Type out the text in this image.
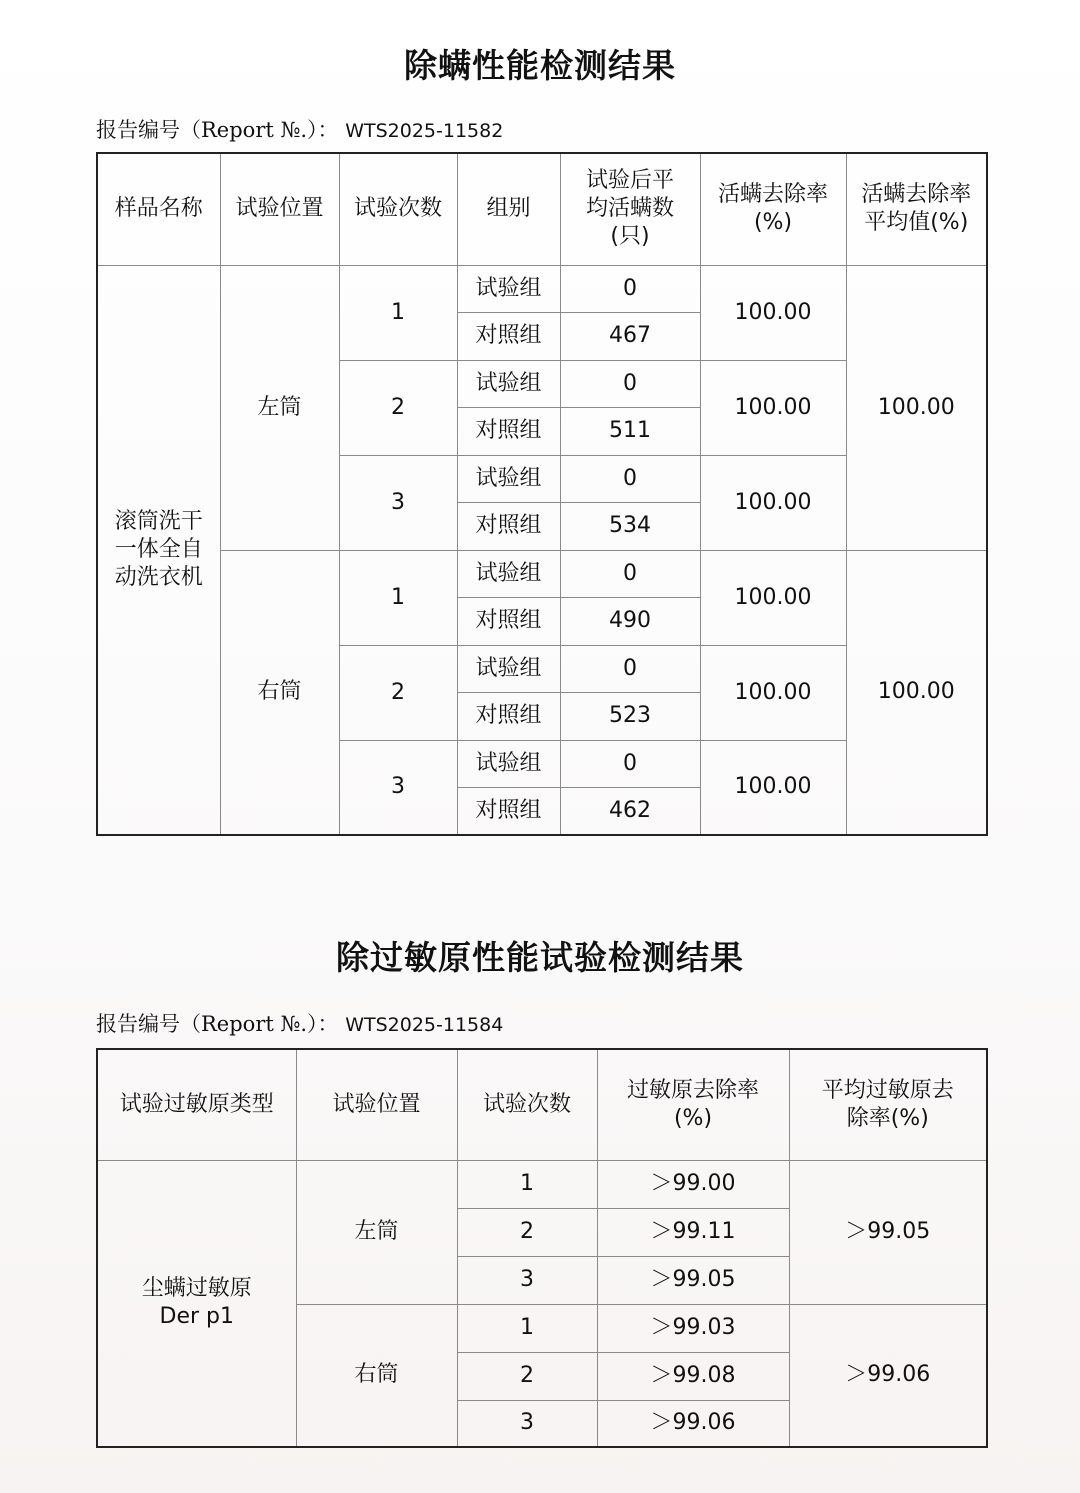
除螨性能检测结果
报告编号（Report №.）： WTS2025-11582
样品名称	试验位置	试验次数	组别	试验后平均活螨数(只)	活螨去除率(%)	活螨去除率平均值(%)
滚筒洗干一体全自动洗衣机	左筒	1	试验组	0	100.00	100.00
			对照组	467		
		2	试验组	0	100.00	
			对照组	511		
		3	试验组	0	100.00	
			对照组	534		
	右筒	1	试验组	0	100.00	100.00
			对照组	490		
		2	试验组	0	100.00	
			对照组	523		
		3	试验组	0	100.00	
			对照组	462		
除过敏原性能试验检测结果
报告编号（Report №.）： WTS2025-11584
试验过敏原类型	试验位置	试验次数	过敏原去除率(%)	平均过敏原去除率(%)
尘螨过敏原 Der p1	左筒	1	＞99.00	＞99.05
		2	＞99.11	
		3	＞99.05	
	右筒	1	＞99.03	＞99.06
		2	＞99.08	
		3	＞99.06	
